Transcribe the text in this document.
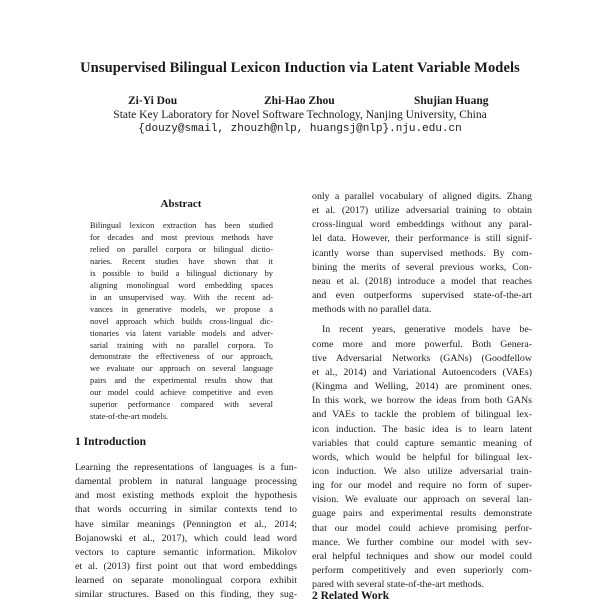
Unsupervised Bilingual Lexicon Induction via Latent Variable Models
Zi-Yi Dou	Zhi-Hao Zhou	Shujian Huang
State Key Laboratory for Novel Software Technology, Nanjing University, China
{douzy@smail, zhouzh@nlp, huangsj@nlp}.nju.edu.cn
Abstract
Bilingual lexicon extraction has been studied
for decades and most previous methods have
relied on parallel corpora or bilingual dictio-
naries. Recent studies have shown that it
is possible to build a bilingual dictionary by
aligning monolingual word embedding spaces
in an unsupervised way. With the recent ad-
vances in generative models, we propose a
novel approach which builds cross-lingual dic-
tionaries via latent variable models and adver-
sarial training with no parallel corpora. To
demonstrate the effectiveness of our approach,
we evaluate our approach on several language
pairs and the experimental results show that
our model could achieve competitive and even
superior performance compared with several
state-of-the-art models.
1 Introduction
Learning the representations of languages is a fun-
damental problem in natural language processing
and most existing methods exploit the hypothesis
that words occurring in similar contexts tend to
have similar meanings (Pennington et al., 2014;
Bojanowski et al., 2017), which could lead word
vectors to capture semantic information. Mikolov
et al. (2013) first point out that word embeddings
learned on separate monolingual corpora exhibit
similar structures. Based on this finding, they sug-
only a parallel vocabulary of aligned digits. Zhang
et al. (2017) utilize adversarial training to obtain
cross-lingual word embeddings without any paral-
lel data. However, their performance is still signif-
icantly worse than supervised methods. By com-
bining the merits of several previous works, Con-
neau et al. (2018) introduce a model that reaches
and even outperforms supervised state-of-the-art
methods with no parallel data.
In recent years, generative models have be-
come more and more powerful. Both Genera-
tive Adversarial Networks (GANs) (Goodfellow
et al., 2014) and Variational Autoencoders (VAEs)
(Kingma and Welling, 2014) are prominent ones.
In this work, we borrow the ideas from both GANs
and VAEs to tackle the problem of bilingual lex-
icon induction. The basic idea is to learn latent
variables that could capture semantic meaning of
words, which would be helpful for bilingual lex-
icon induction. We also utilize adversarial train-
ing for our model and require no form of super-
vision. We evaluate our approach on several lan-
guage pairs and experimental results demonstrate
that our model could achieve promising perfor-
mance. We further combine our model with sev-
eral helpful techniques and show our model could
perform competitively and even superiorly com-
pared with several state-of-the-art methods.
2 Related Work
